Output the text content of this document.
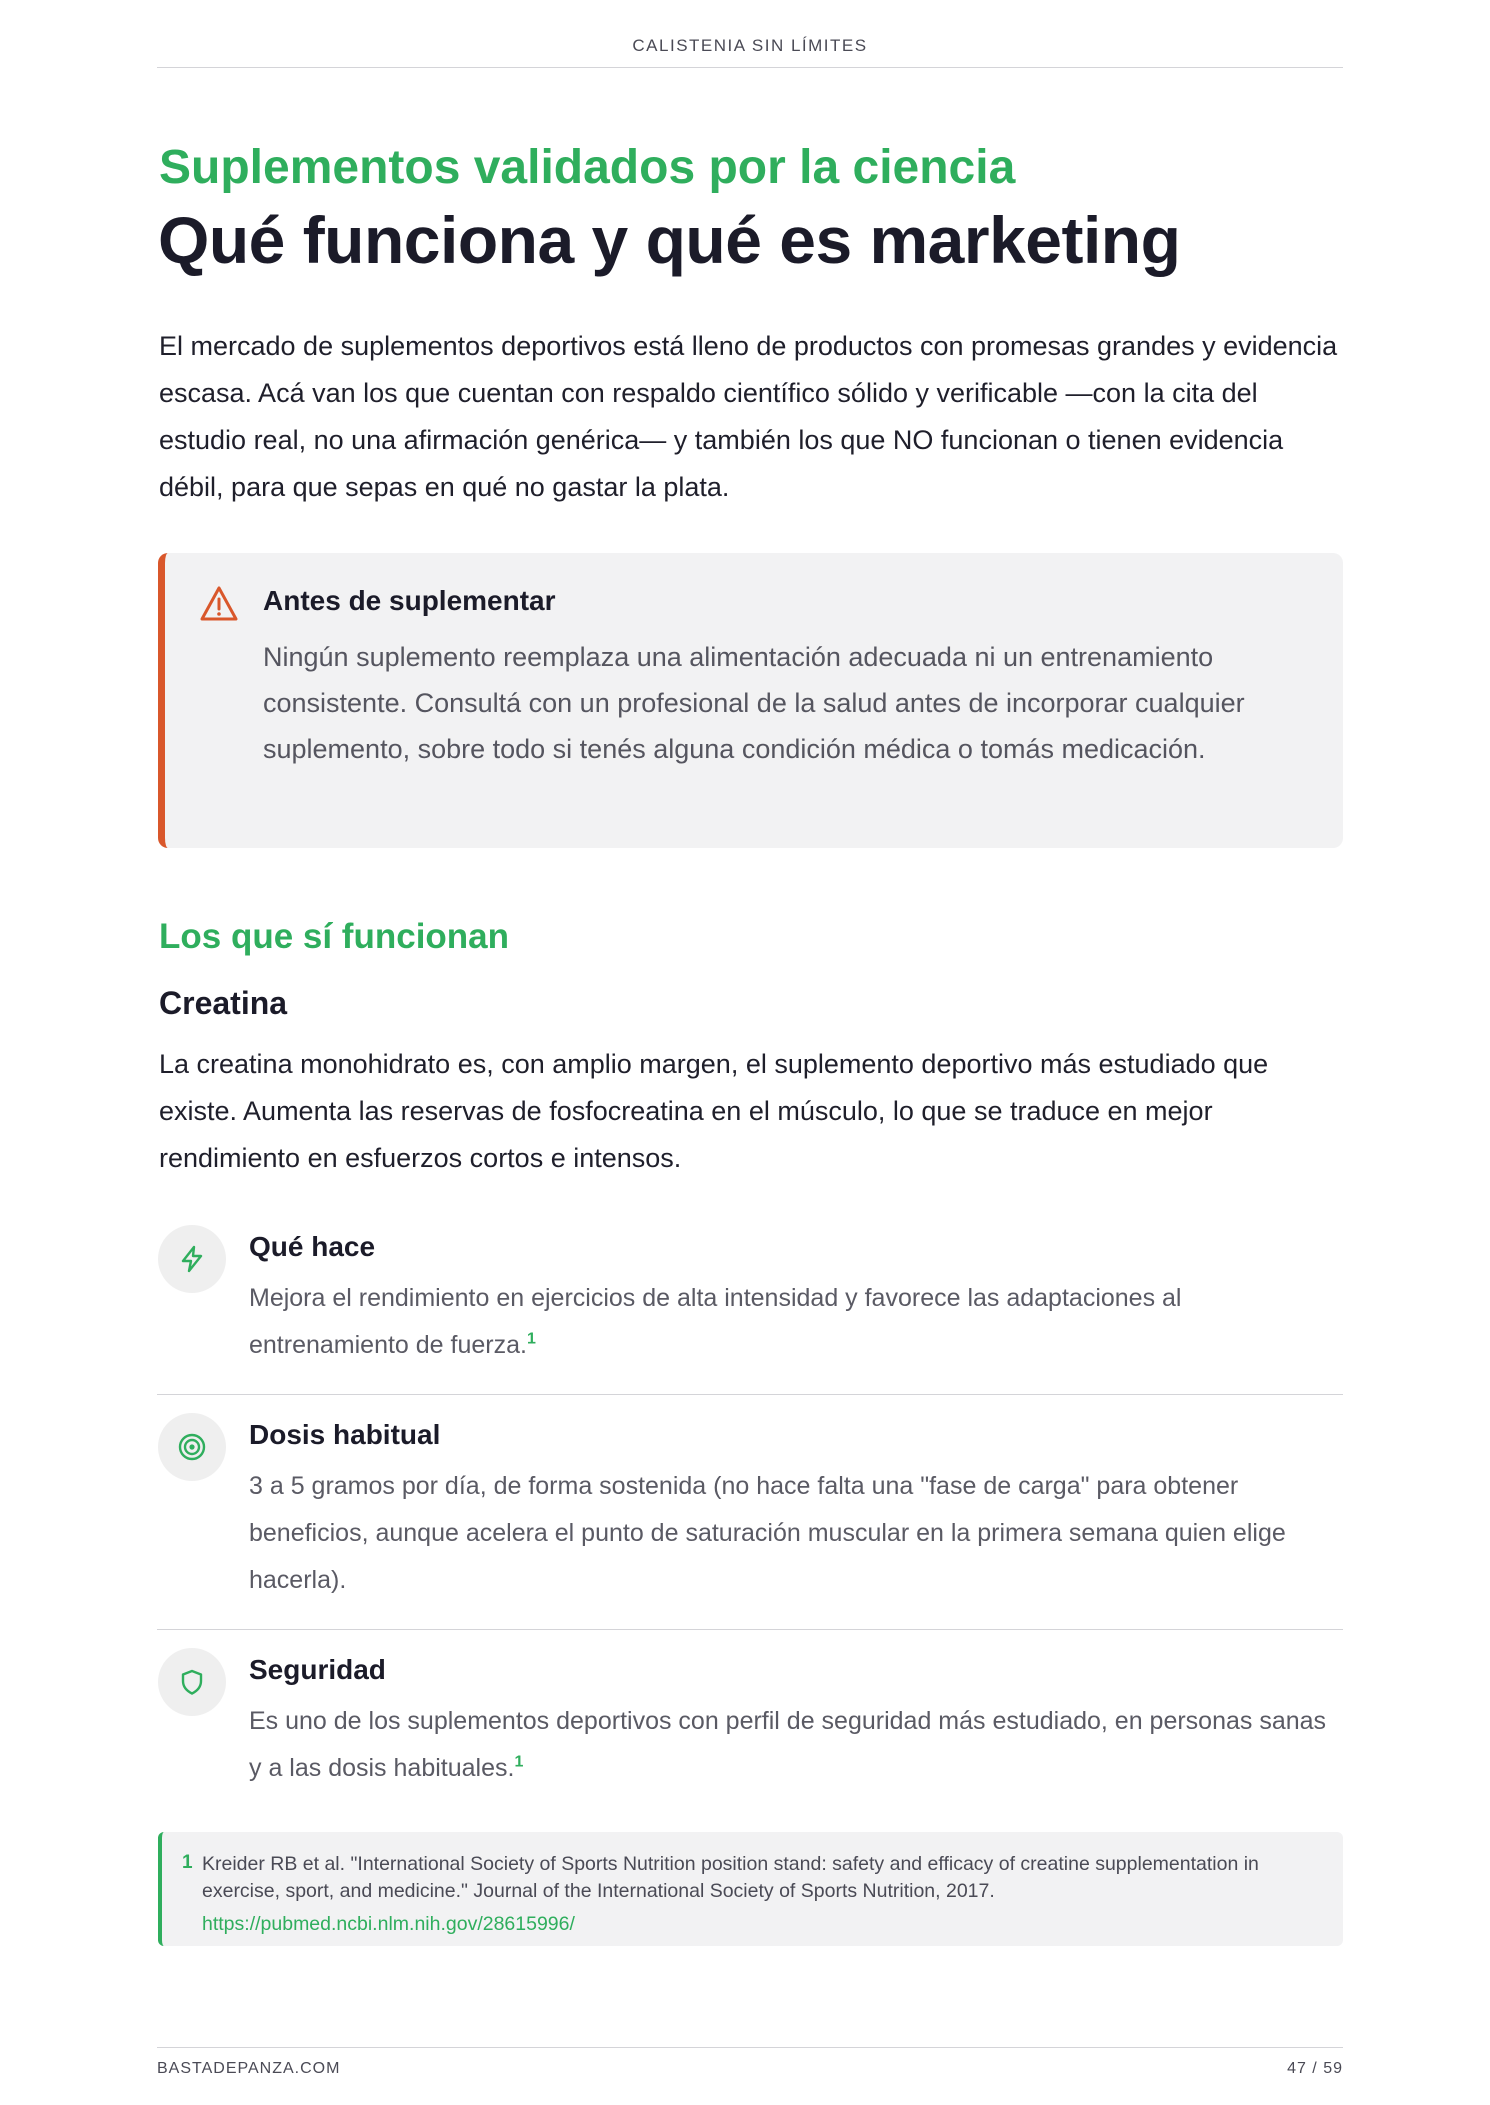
CALISTENIA SIN LÍMITES
Suplementos validados por la ciencia
Qué funciona y qué es marketing

El mercado de suplementos deportivos está lleno de productos con promesas grandes y evidencia escasa. Acá van los que cuentan con respaldo científico sólido y verificable —con la cita del estudio real, no una afirmación genérica— y también los que NO funcionan o tienen evidencia débil, para que sepas en qué no gastar la plata.

Antes de suplementar

Ningún suplemento reemplaza una alimentación adecuada ni un entrenamiento consistente. Consultá con un profesional de la salud antes de incorporar cualquier suplemento, sobre todo si tenés alguna condición médica o tomás medicación.

Los que sí funcionan
Creatina

La creatina monohidrato es, con amplio margen, el suplemento deportivo más estudiado que existe. Aumenta las reservas de fosfocreatina en el músculo, lo que se traduce en mejor rendimiento en esfuerzos cortos e intensos.

Qué hace

Mejora el rendimiento en ejercicios de alta intensidad y favorece las adaptaciones al entrenamiento de fuerza.$^1$

Dosis habitual

3 a 5 gramos por día, de forma sostenida (no hace falta una "fase de carga" para obtener beneficios, aunque acelera el punto de saturación muscular en la primera semana quien elige hacerla).

Seguridad

Es uno de los suplementos deportivos con perfil de seguridad más estudiado, en personas sanas y a las dosis habituales.$^1$

1 Kreider RB et al. "International Society of Sports Nutrition position stand: safety and efficacy of creatine supplementation in exercise, sport, and medicine." Journal of the International Society of Sports Nutrition, 2017.

https://pubmed.ncbi.nlm.nih.gov/28615996/
BASTADEPANZA.COM	47 / 59
